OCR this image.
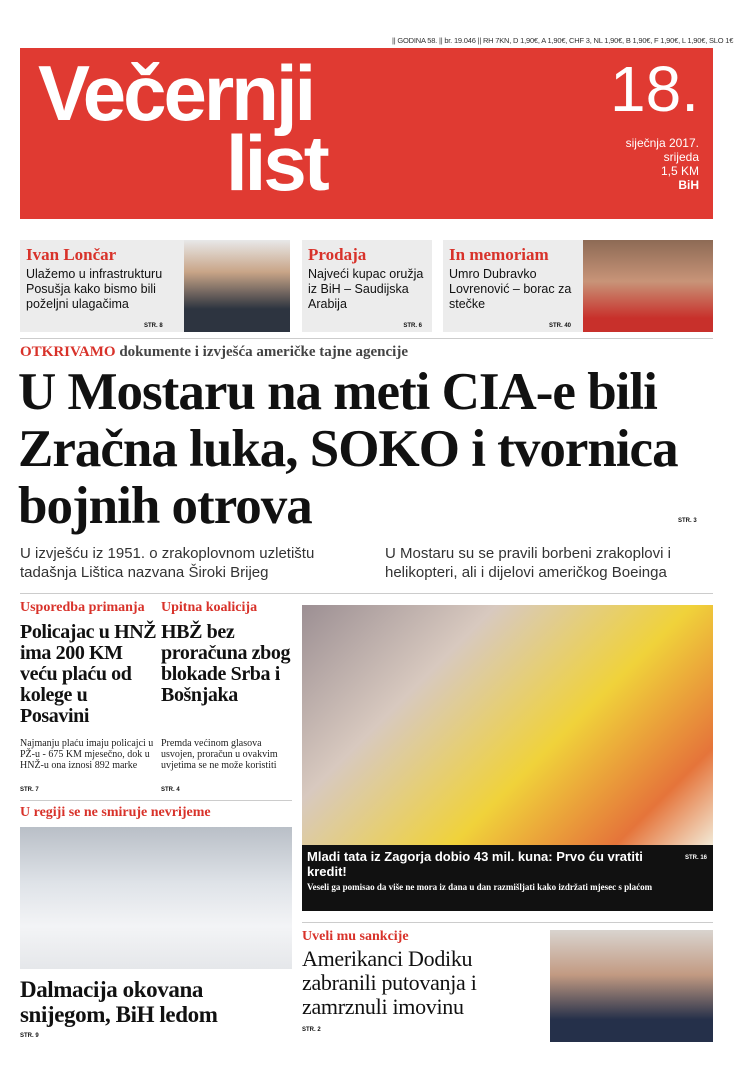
|| GODINA 58. || br. 19.046 || RH 7KN, D 1,90€, A 1,90€, CHF 3, NL 1,90€, B 1,90€, F 1,90€, L 1,90€, SLO 1€
Večernji
list
18.
siječnja 2017.
srijeda
1,5 KM
BiH
Ivan Lončar

Ulažemo u infrastrukturu Posušja kako bismo bili poželjni ulagačima

STR. 8
Prodaja

Najveći kupac oružja iz BiH – Saudijska Arabija

STR. 6
In memoriam

Umro Dubravko Lovrenović – borac za stečke

STR. 40
OTKRIVAMO dokumente i izvješća američke tajne agencije
U Mostaru na meti CIA-e bili Zračna luka, SOKO i tvornica bojnih otrova	STR. 3
U izvješću iz 1951. o zrakoplovnom uzletištu tadašnja Lištica nazvana Široki Brijeg
U Mostaru su se pravili borbeni zrakoplovi i helikopteri, ali i dijelovi američkog Boeinga
Usporedba primanja
Policajac u HNŽ ima 200 KM veću plaću od kolege u Posavini
Najmanju plaću imaju policajci u PŽ-u - 675 KM mjesečno, dok u HNŽ-u ona iznosi 892 marke
STR. 7
Upitna koalicija
HBŽ bez proračuna zbog blokade Srba i Bošnjaka
Premda većinom glasova usvojen, proračun u ovakvim uvjetima se ne može koristiti
STR. 4
U regiji se ne smiruje nevrijeme
Dalmacija okovana snijegom, BiH ledom
STR. 9
Mladi tata iz Zagorja dobio 43 mil. kuna: Prvo ću vratiti kredit!
STR. 16
Veseli ga pomisao da više ne mora iz dana u dan razmišljati kako izdržati mjesec s plaćom
Uveli mu sankcije
Amerikanci Dodiku zabranili putovanja i zamrznuli imovinu
STR. 2
